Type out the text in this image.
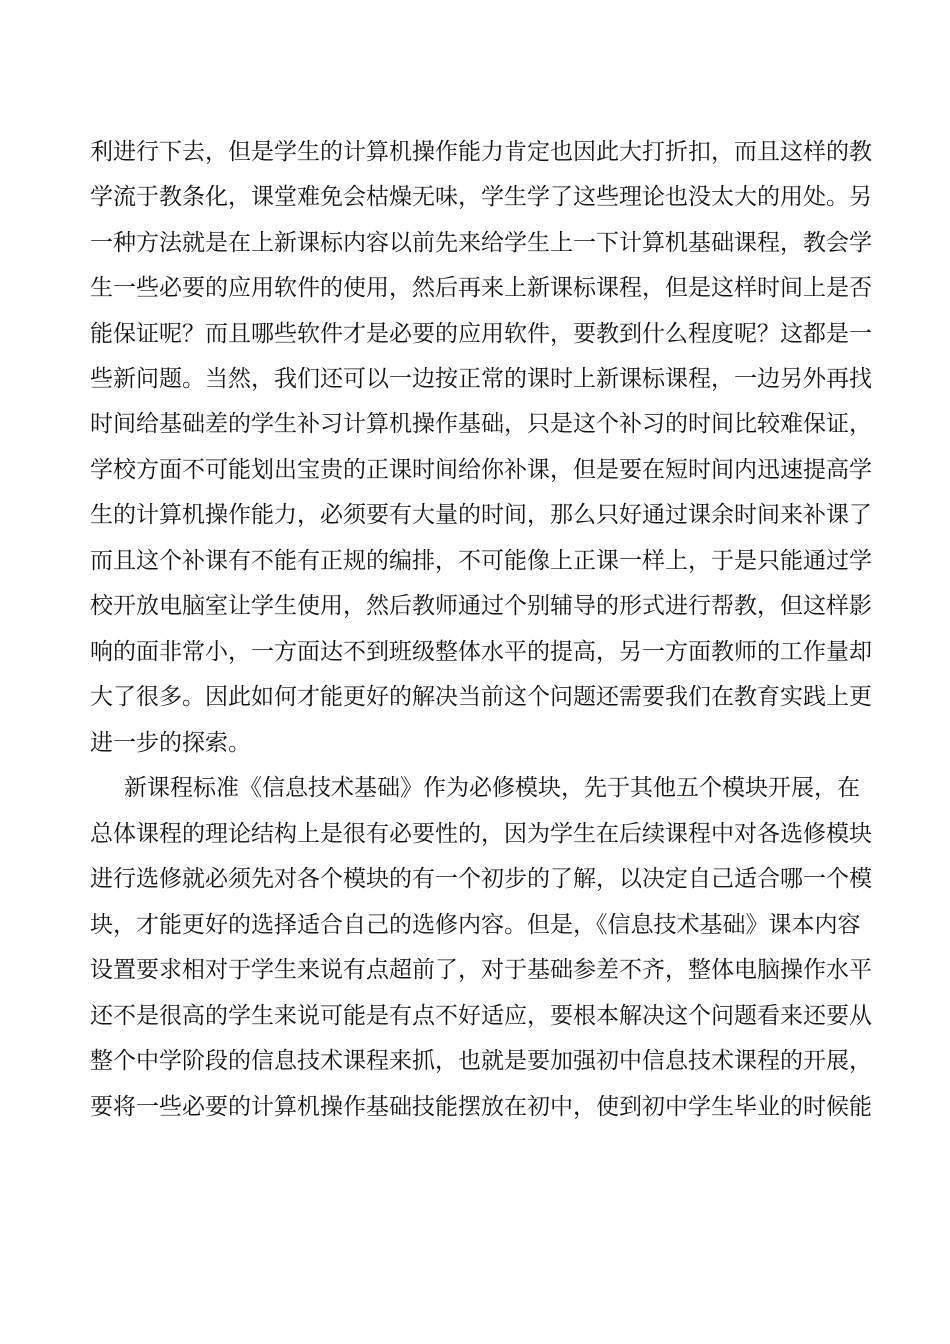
利进行下去，但是学生的计算机操作能力肯定也因此大打折扣，而且这样的教
学流于教条化，课堂难免会枯燥无味，学生学了这些理论也没太大的用处。另
一种方法就是在上新课标内容以前先来给学生上一下计算机基础课程，教会学
生一些必要的应用软件的使用，然后再来上新课标课程，但是这样时间上是否
能保证呢？而且哪些软件才是必要的应用软件，要教到什么程度呢？这都是一
些新问题。当然，我们还可以一边按正常的课时上新课标课程，一边另外再找
时间给基础差的学生补习计算机操作基础，只是这个补习的时间比较难保证，
学校方面不可能划出宝贵的正课时间给你补课，但是要在短时间内迅速提高学
生的计算机操作能力，必须要有大量的时间，那么只好通过课余时间来补课了
而且这个补课有不能有正规的编排，不可能像上正课一样上，于是只能通过学
校开放电脑室让学生使用，然后教师通过个别辅导的形式进行帮教，但这样影
响的面非常小，一方面达不到班级整体水平的提高，另一方面教师的工作量却
大了很多。因此如何才能更好的解决当前这个问题还需要我们在教育实践上更
进一步的探索。
新课程标准《信息技术基础》作为必修模块，先于其他五个模块开展，在
总体课程的理论结构上是很有必要性的，因为学生在后续课程中对各选修模块
进行选修就必须先对各个模块的有一个初步的了解，以决定自己适合哪一个模
块，才能更好的选择适合自己的选修内容。但是，《信息技术基础》课本内容
设置要求相对于学生来说有点超前了，对于基础参差不齐，整体电脑操作水平
还不是很高的学生来说可能是有点不好适应，要根本解决这个问题看来还要从
整个中学阶段的信息技术课程来抓，也就是要加强初中信息技术课程的开展，
要将一些必要的计算机操作基础技能摆放在初中，使到初中学生毕业的时候能
